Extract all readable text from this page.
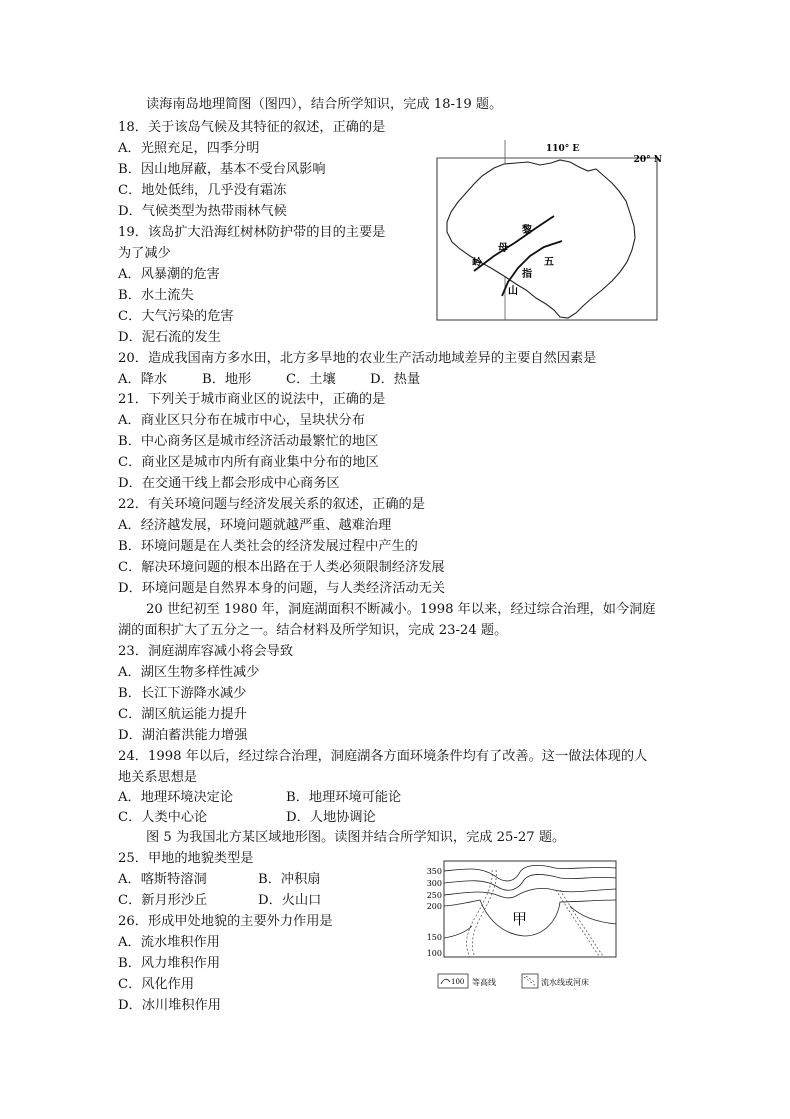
读海南岛地理简图（图四），结合所学知识，完成 18-19 题。
18．关于该岛气候及其特征的叙述，正确的是
A．光照充足，四季分明
B．因山地屏蔽，基本不受台风影响
C．地处低纬，几乎没有霜冻
D．气候类型为热带雨林气候
19．该岛扩大沿海红树林防护带的目的主要是
为了减少
A．风暴潮的危害
B．水土流失
C．大气污染的危害
D．泥石流的发生
20．造成我国南方多水田，北方多旱地的农业生产活动地域差异的主要自然因素是
A．降水	B．地形	C．土壤	D．热量
21．下列关于城市商业区的说法中，正确的是
A．商业区只分布在城市中心，呈块状分布
B．中心商务区是城市经济活动最繁忙的地区
C．商业区是城市内所有商业集中分布的地区
D．在交通干线上都会形成中心商务区
22．有关环境问题与经济发展关系的叙述，正确的是
A．经济越发展，环境问题就越严重、越难治理
B．环境问题是在人类社会的经济发展过程中产生的
C．解决环境问题的根本出路在于人类必须限制经济发展
D．环境问题是自然界本身的问题，与人类经济活动无关
20 世纪初至 1980 年，洞庭湖面积不断减小。1998 年以来，经过综合治理，如今洞庭
湖的面积扩大了五分之一。结合材料及所学知识，完成 23-24 题。
23．洞庭湖库容减小将会导致
A．湖区生物多样性减少
B．长江下游降水减少
C．湖区航运能力提升
D．湖泊蓄洪能力增强
24．1998 年以后，经过综合治理，洞庭湖各方面环境条件均有了改善。这一做法体现的人
地关系思想是
A．地理环境决定论	B．地理环境可能论
C．人类中心论	D．人地协调论
图 5 为我国北方某区域地形图。读图并结合所学知识，完成 25-27 题。
25．甲地的地貌类型是
A．喀斯特溶洞	B．冲积扇
C．新月形沙丘	D．火山口
26．形成甲处地貌的主要外力作用是
A．流水堆积作用
B．风力堆积作用
C．风化作用
D．冰川堆积作用
110° E
20° N
岭
母
黎
五
指
山
350
300
250
200
150
100
甲
100 等高线	流水线或河床
